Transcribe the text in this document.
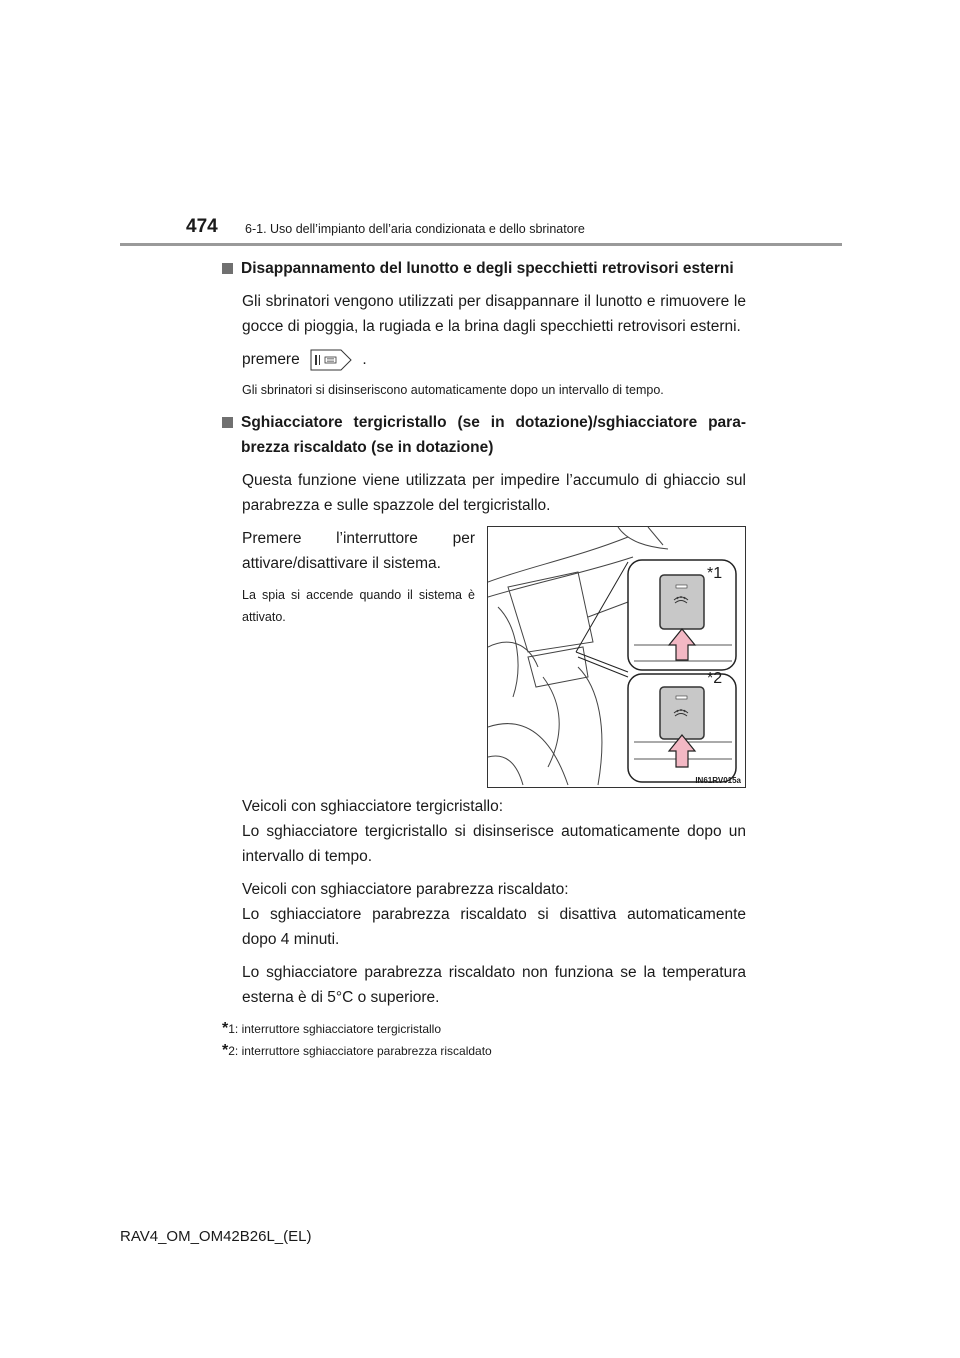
474 6-1. Uso dell’impianto dell’aria condizionata e dello sbrinatore
Disappannamento del lunotto e degli specchietti retrovisori esterni
Gli sbrinatori vengono utilizzati per disappannare il lunotto e rimuovere le gocce di pioggia, la rugiada e la brina dagli specchietti retrovisori esterni.
premere	.
Gli sbrinatori si disinseriscono automaticamente dopo un intervallo di tempo.
Sghiacciatore tergicristallo (se in dotazione)/sghiacciatore para-brezza riscaldato (se in dotazione)
Questa funzione viene utilizzata per impedire l’accumulo di ghiaccio sul parabrezza e sulle spazzole del tergicristallo.
Premere l’interruttore per attivare/disattivare il sistema.
La spia si accende quando il sistema è attivato.
*1
*2
IN61RV015a
Veicoli con sghiacciatore tergicristallo:
Lo sghiacciatore tergicristallo si disinserisce automaticamente dopo un intervallo di tempo.
Veicoli con sghiacciatore parabrezza riscaldato:
Lo sghiacciatore parabrezza riscaldato si disattiva automaticamente dopo 4 minuti.
Lo sghiacciatore parabrezza riscaldato non funziona se la temperatura esterna è di 5°C o superiore.
*1: interruttore sghiacciatore tergicristallo
*2: interruttore sghiacciatore parabrezza riscaldato
RAV4_OM_OM42B26L_(EL)
